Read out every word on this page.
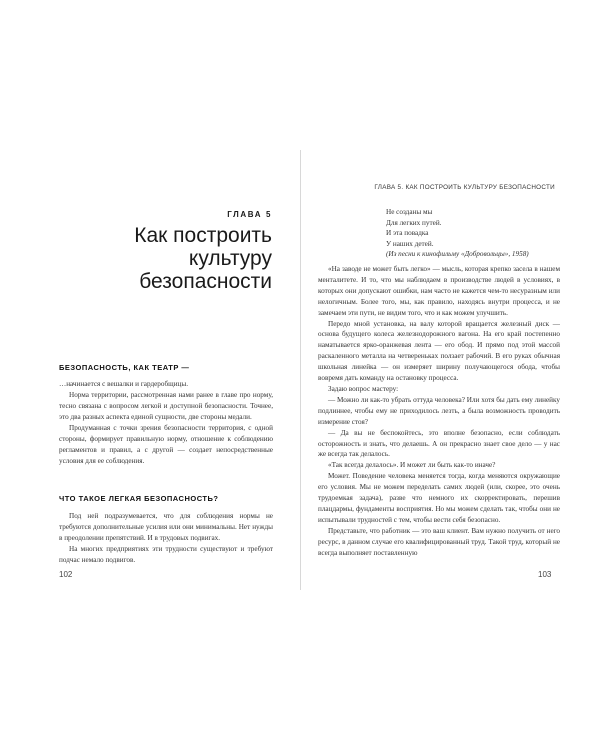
ГЛАВА 5
Как построить
культуру
безопасности
БЕЗОПАСНОСТЬ, КАК ТЕАТР —

…начинается с вешалки и гардеробщицы.

Норма территории, рассмотренная нами ранее в главе про норму, тесно связана с вопросом легкой и доступной безопасности. Точнее, это два разных аспекта единой сущности, две стороны медали.

Продуманная с точки зрения безопасности территория, с одной стороны, формирует правильную норму, отношение к соблюдению регламентов и правил, а с другой — создает непосредственные условия для ее соблюдения.

ЧТО ТАКОЕ ЛЕГКАЯ БЕЗОПАСНОСТЬ?

Под ней подразумевается, что для соблюдения нормы не требуются дополнительные усилия или они минимальны. Нет нужды в преодолении препятствий. И в трудовых подвигах.

На многих предприятиях эти трудности существуют и требуют подчас немало подвигов.

102
ГЛАВА 5. КАК ПОСТРОИТЬ КУЛЬТУРУ БЕЗОПАСНОСТИ
Не созданы мы
Для легких путей.
И эта повадка
У наших детей.
(Из песни к кинофильму «Добровольцы», 1958)

«На заводе не может быть легко» — мысль, которая крепко засела в нашем менталитете. И то, что мы наблюдаем в производстве людей в условиях, в которых они допускают ошибки, нам часто не кажется чем-то несуразным или нелогичным. Более того, мы, как правило, находясь внутри процесса, и не замечаем эти пути, не видим того, что и как можем улучшить.

Передо мной установка, на валу которой вращается железный диск — основа будущего колеса железнодорожного вагона. На его край постепенно наматывается ярко-оранжевая лента — его обод. И прямо под этой массой раскаленного металла на четвереньках ползает рабочий. В его руках обычная школьная линейка — он измеряет ширину получающегося обода, чтобы вовремя дать команду на остановку процесса.

Задаю вопрос мастеру:

— Можно ли как-то убрать оттуда человека? Или хотя бы дать ему линейку подлиннее, чтобы ему не приходилось лезть, а была возможность проводить измерение стоя?

— Да вы не беспокойтесь, это вполне безопасно, если соблюдать осторожность и знать, что делаешь. А он прекрасно знает свое дело — у нас же всегда так делалось.

«Так всегда делалось». И может ли быть как-то иначе?

Может. Поведение человека меняется тогда, когда меняются окружающие его условия. Мы не можем переделать самих людей (или, скорее, это очень трудоемкая задача), разве что немного их скорректировать, перешив плацдармы, фундаменты восприятия. Но мы можем сделать так, чтобы они не испытывали трудностей с тем, чтобы вести себя безопасно.

Представьте, что работник — это ваш клиент. Вам нужно получить от него ресурс, в данном случае его квалифицированный труд. Такой труд, который не всегда выполняет поставленную

103
